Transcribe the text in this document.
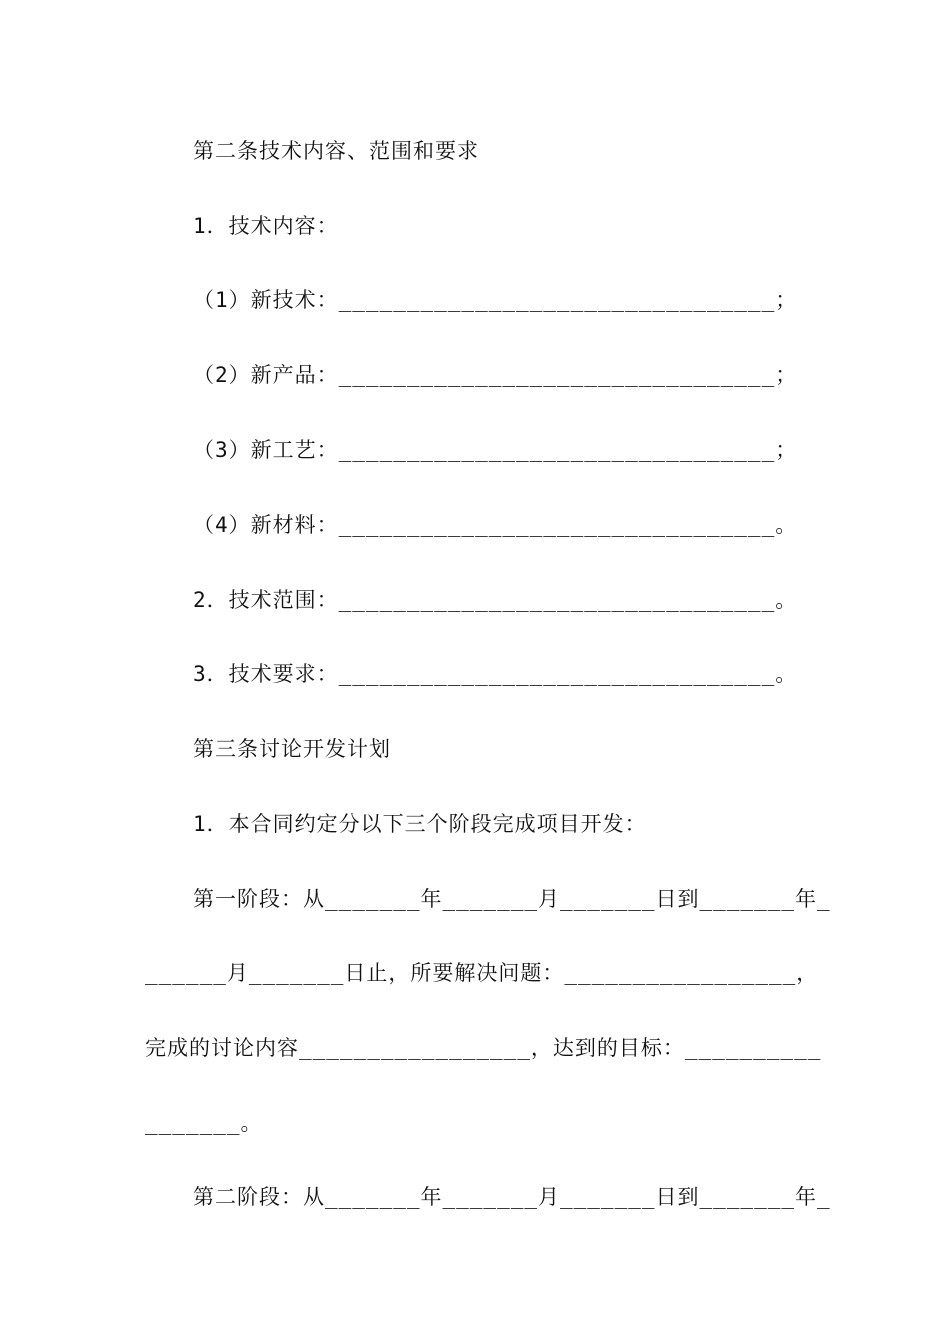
第二条技术内容、范围和要求
1．技术内容：
（1）新技术：________________________________；
（2）新产品：________________________________；
（3）新工艺：________________________________；
（4）新材料：________________________________。
2．技术范围：________________________________。
3．技术要求：________________________________。
第三条讨论开发计划
1．本合同约定分以下三个阶段完成项目开发：
第一阶段：从_______年_______月_______日到_______年_
______月_______日止，所要解决问题：_________________，
完成的讨论内容_________________，达到的目标：__________
_______。
第二阶段：从_______年_______月_______日到_______年_
